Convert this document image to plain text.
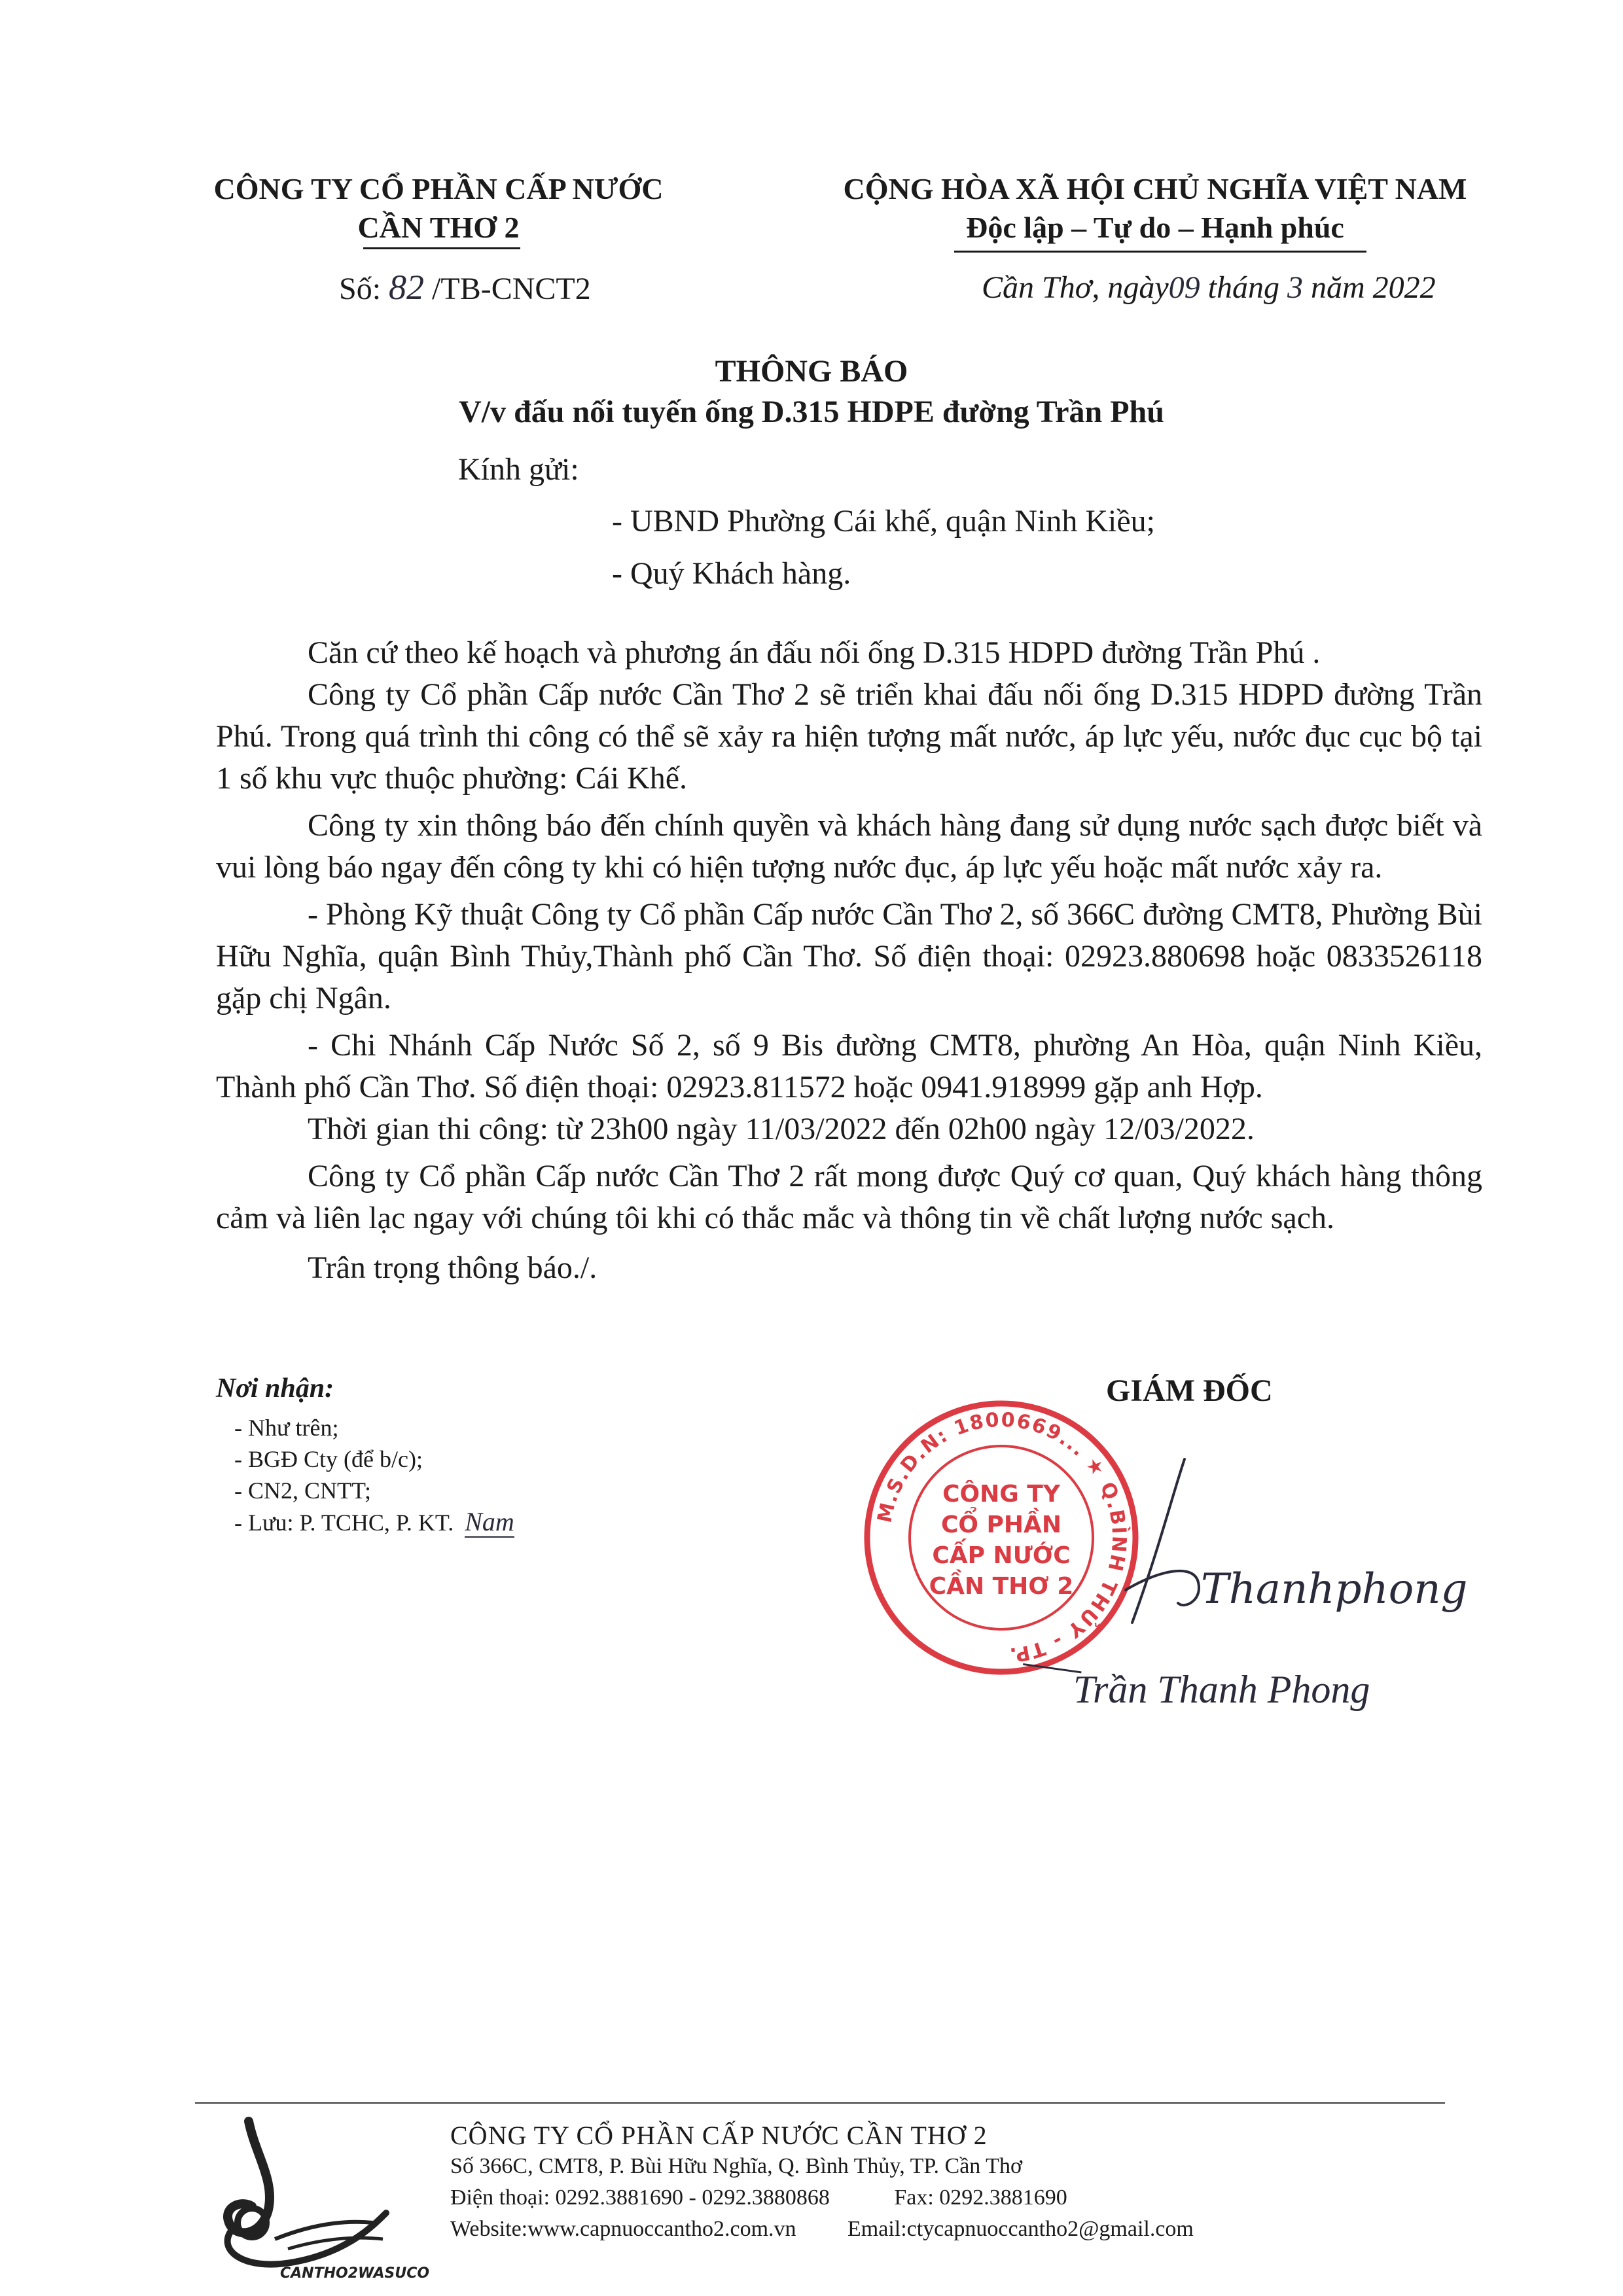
CÔNG TY CỔ PHẦN CẤP NƯỚC
CẦN THƠ 2
Số: 82 /TB-CNCT2
CỘNG HÒA XÃ HỘI CHỦ NGHĨA VIỆT NAM
Độc lập – Tự do – Hạnh phúc
Cần Thơ, ngày09 tháng 3 năm 2022
THÔNG BÁO
V/v đấu nối tuyến ống D.315 HDPE đường Trần Phú
Kính gửi:
- UBND Phường Cái khế, quận Ninh Kiều;
- Quý Khách hàng.
Căn cứ theo kế hoạch và phương án đấu nối ống D.315 HDPD đường Trần Phú .
Công ty Cổ phần Cấp nước Cần Thơ 2 sẽ triển khai đấu nối ống D.315 HDPD đường Trần Phú. Trong quá trình thi công có thể sẽ xảy ra hiện tượng mất nước, áp lực yếu, nước đục cục bộ tại 1 số khu vực thuộc phường: Cái Khế.
Công ty xin thông báo đến chính quyền và khách hàng đang sử dụng nước sạch được biết và vui lòng báo ngay đến công ty khi có hiện tượng nước đục, áp lực yếu hoặc mất nước xảy ra.
- Phòng Kỹ thuật Công ty Cổ phần Cấp nước Cần Thơ 2, số 366C đường CMT8, Phường Bùi Hữu Nghĩa, quận Bình Thủy,Thành phố Cần Thơ. Số điện thoại: 02923.880698 hoặc 0833526118 gặp chị Ngân.
- Chi Nhánh Cấp Nước Số 2, số 9 Bis đường CMT8, phường An Hòa, quận Ninh Kiều, Thành phố Cần Thơ. Số điện thoại: 02923.811572 hoặc 0941.918999 gặp anh Hợp.
Thời gian thi công: từ 23h00 ngày 11/03/2022 đến 02h00 ngày 12/03/2022.
Công ty Cổ phần Cấp nước Cần Thơ 2 rất mong được Quý cơ quan, Quý khách hàng thông cảm và liên lạc ngay với chúng tôi khi có thắc mắc và thông tin về chất lượng nước sạch.
Trân trọng thông báo./.
Nơi nhận:
- Như trên;
- BGĐ Cty (để b/c);
- CN2, CNTT;
- Lưu: P. TCHC, P. KT. Nam
GIÁM ĐỐC
M.S.D.N: 1800669... ★ Q.BÌNH THỦY - TP.
CÔNG TY
CỔ PHẦN
CẤP NƯỚC
CẦN THƠ 2	Thanhphong
Trần Thanh Phong
CANTHO2WASUCO
CÔNG TY CỔ PHẦN CẤP NƯỚC CẦN THƠ 2
Số 366C, CMT8, P. Bùi Hữu Nghĩa, Q. Bình Thủy, TP. Cần Thơ
Điện thoại: 0292.3881690 - 0292.3880868	Fax: 0292.3881690
Website:www.capnuoccantho2.com.vn Email:ctycapnuoccantho2@gmail.com
